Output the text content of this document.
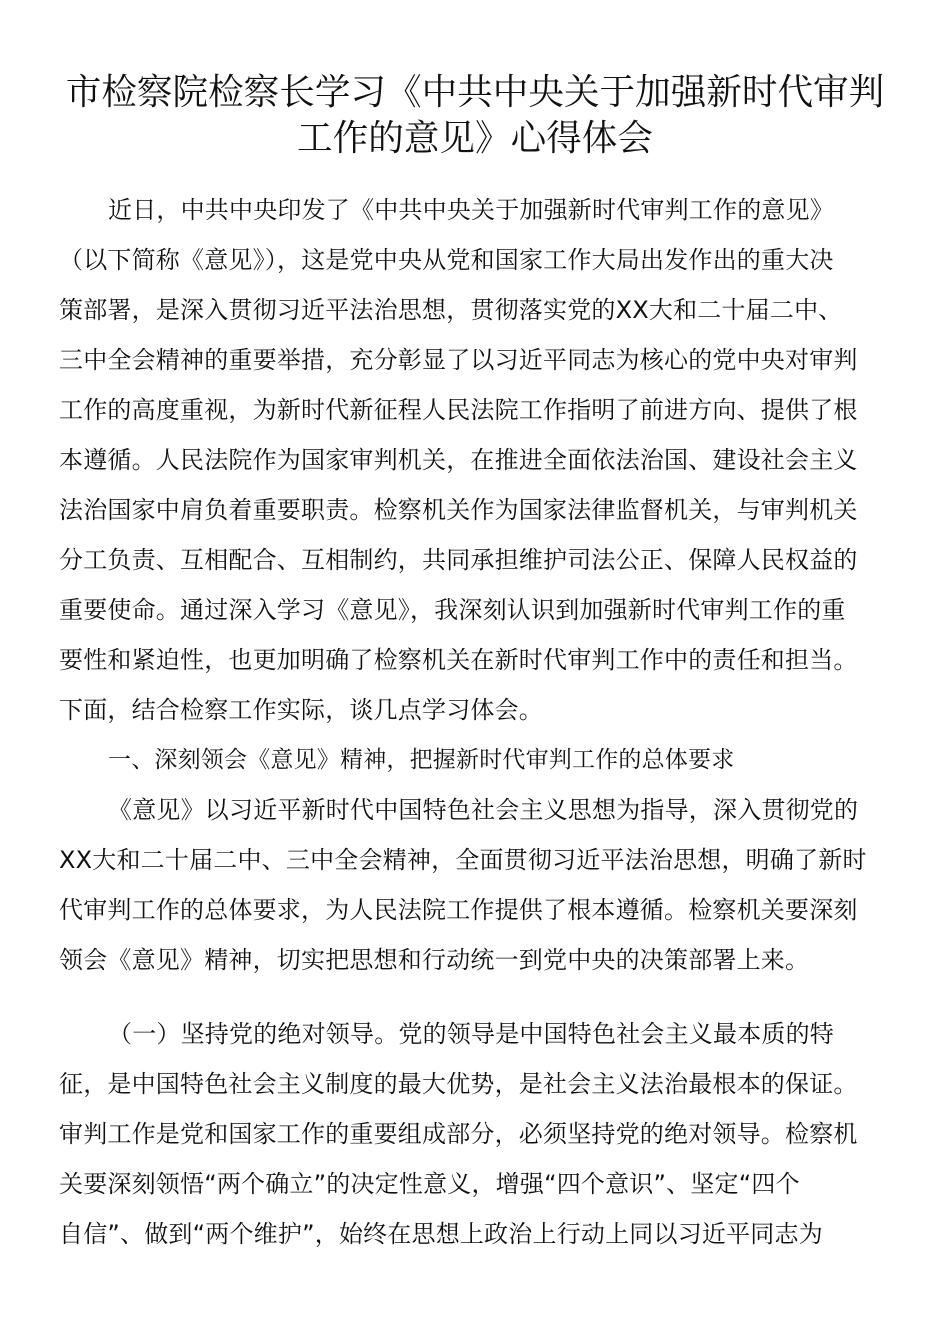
市检察院检察长学习《中共中央关于加强新时代审判
工作的意见》心得体会
近日，中共中央印发了《中共中央关于加强新时代审判工作的意见》
（以下简称《意见》），这是党中央从党和国家工作大局出发作出的重大决
策部署，是深入贯彻习近平法治思想，贯彻落实党的XX大和二十届二中、
三中全会精神的重要举措，充分彰显了以习近平同志为核心的党中央对审判
工作的高度重视，为新时代新征程人民法院工作指明了前进方向、提供了根
本遵循。人民法院作为国家审判机关，在推进全面依法治国、建设社会主义
法治国家中肩负着重要职责。检察机关作为国家法律监督机关，与审判机关
分工负责、互相配合、互相制约，共同承担维护司法公正、保障人民权益的
重要使命。通过深入学习《意见》，我深刻认识到加强新时代审判工作的重
要性和紧迫性，也更加明确了检察机关在新时代审判工作中的责任和担当。
下面，结合检察工作实际，谈几点学习体会。
一、深刻领会《意见》精神，把握新时代审判工作的总体要求
《意见》以习近平新时代中国特色社会主义思想为指导，深入贯彻党的
XX大和二十届二中、三中全会精神，全面贯彻习近平法治思想，明确了新时
代审判工作的总体要求，为人民法院工作提供了根本遵循。检察机关要深刻
领会《意见》精神，切实把思想和行动统一到党中央的决策部署上来。
（一）坚持党的绝对领导。党的领导是中国特色社会主义最本质的特
征，是中国特色社会主义制度的最大优势，是社会主义法治最根本的保证。
审判工作是党和国家工作的重要组成部分，必须坚持党的绝对领导。检察机
关要深刻领悟“两个确立”的决定性意义，增强“四个意识”、坚定“四个
自信”、做到“两个维护”，始终在思想上政治上行动上同以习近平同志为
